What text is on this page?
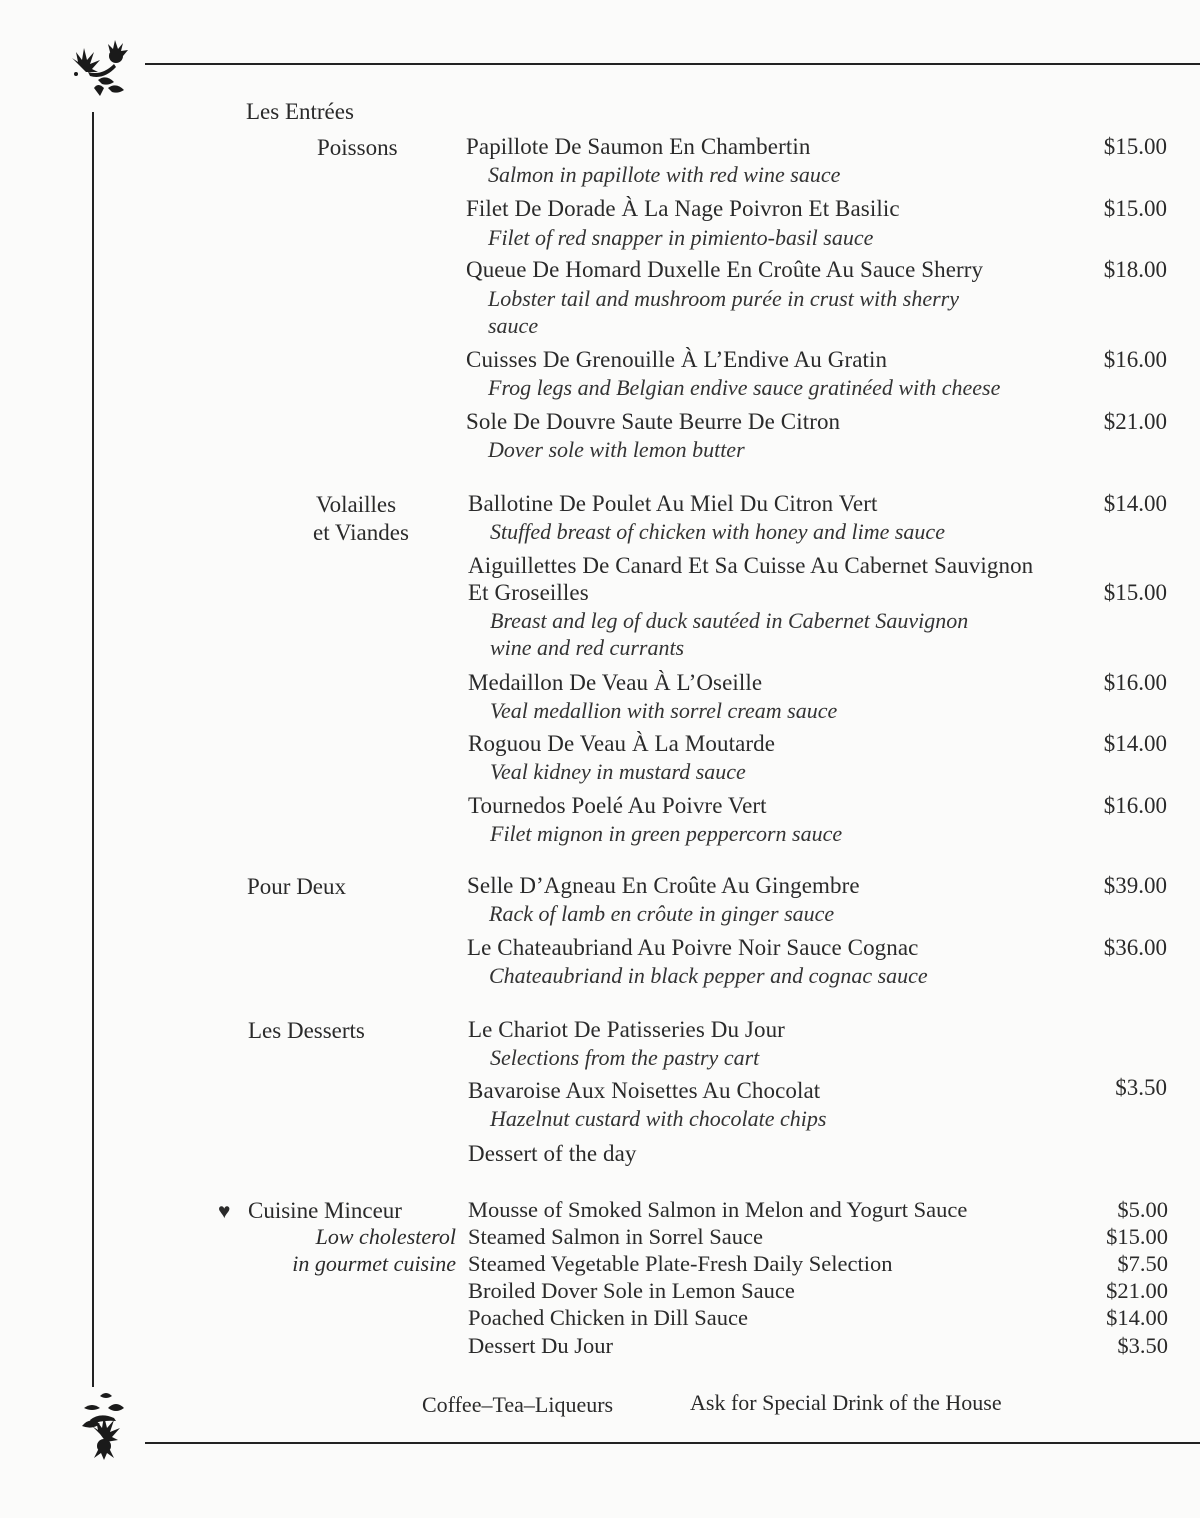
Les Entrées
Poissons	Papillote De Saumon En Chambertin	$15.00
Salmon in papillote with red wine sauce
Filet De Dorade À La Nage Poivron Et Basilic	$15.00
Filet of red snapper in pimiento-basil sauce
Queue De Homard Duxelle En Croûte Au Sauce Sherry	$18.00
Lobster tail and mushroom purée in crust with sherry
sauce
Cuisses De Grenouille À L’Endive Au Gratin	$16.00
Frog legs and Belgian endive sauce gratinéed with cheese
Sole De Douvre Saute Beurre De Citron	$21.00
Dover sole with lemon butter
Volailles
et Viandes
Ballotine De Poulet Au Miel Du Citron Vert	$14.00
Stuffed breast of chicken with honey and lime sauce
Aiguillettes De Canard Et Sa Cuisse Au Cabernet Sauvignon
Et Groseilles	$15.00
Breast and leg of duck sautéed in Cabernet Sauvignon
wine and red currants
Medaillon De Veau À L’Oseille	$16.00
Veal medallion with sorrel cream sauce
Roguou De Veau À La Moutarde	$14.00
Veal kidney in mustard sauce
Tournedos Poelé Au Poivre Vert	$16.00
Filet mignon in green peppercorn sauce
Pour Deux	Selle D’Agneau En Croûte Au Gingembre	$39.00
Rack of lamb en crôute in ginger sauce
Le Chateaubriand Au Poivre Noir Sauce Cognac	$36.00
Chateaubriand in black pepper and cognac sauce
Les Desserts	Le Chariot De Patisseries Du Jour
Selections from the pastry cart
Bavaroise Aux Noisettes Au Chocolat	$3.50
Hazelnut custard with chocolate chips
Dessert of the day
♥ Cuisine Minceur
Low cholesterol
in gourmet cuisine
Mousse of Smoked Salmon in Melon and Yogurt Sauce	$5.00
Steamed Salmon in Sorrel Sauce	$15.00
Steamed Vegetable Plate-Fresh Daily Selection	$7.50
Broiled Dover Sole in Lemon Sauce	$21.00
Poached Chicken in Dill Sauce	$14.00
Dessert Du Jour	$3.50
Coffee–Tea–Liqueurs	Ask for Special Drink of the House
